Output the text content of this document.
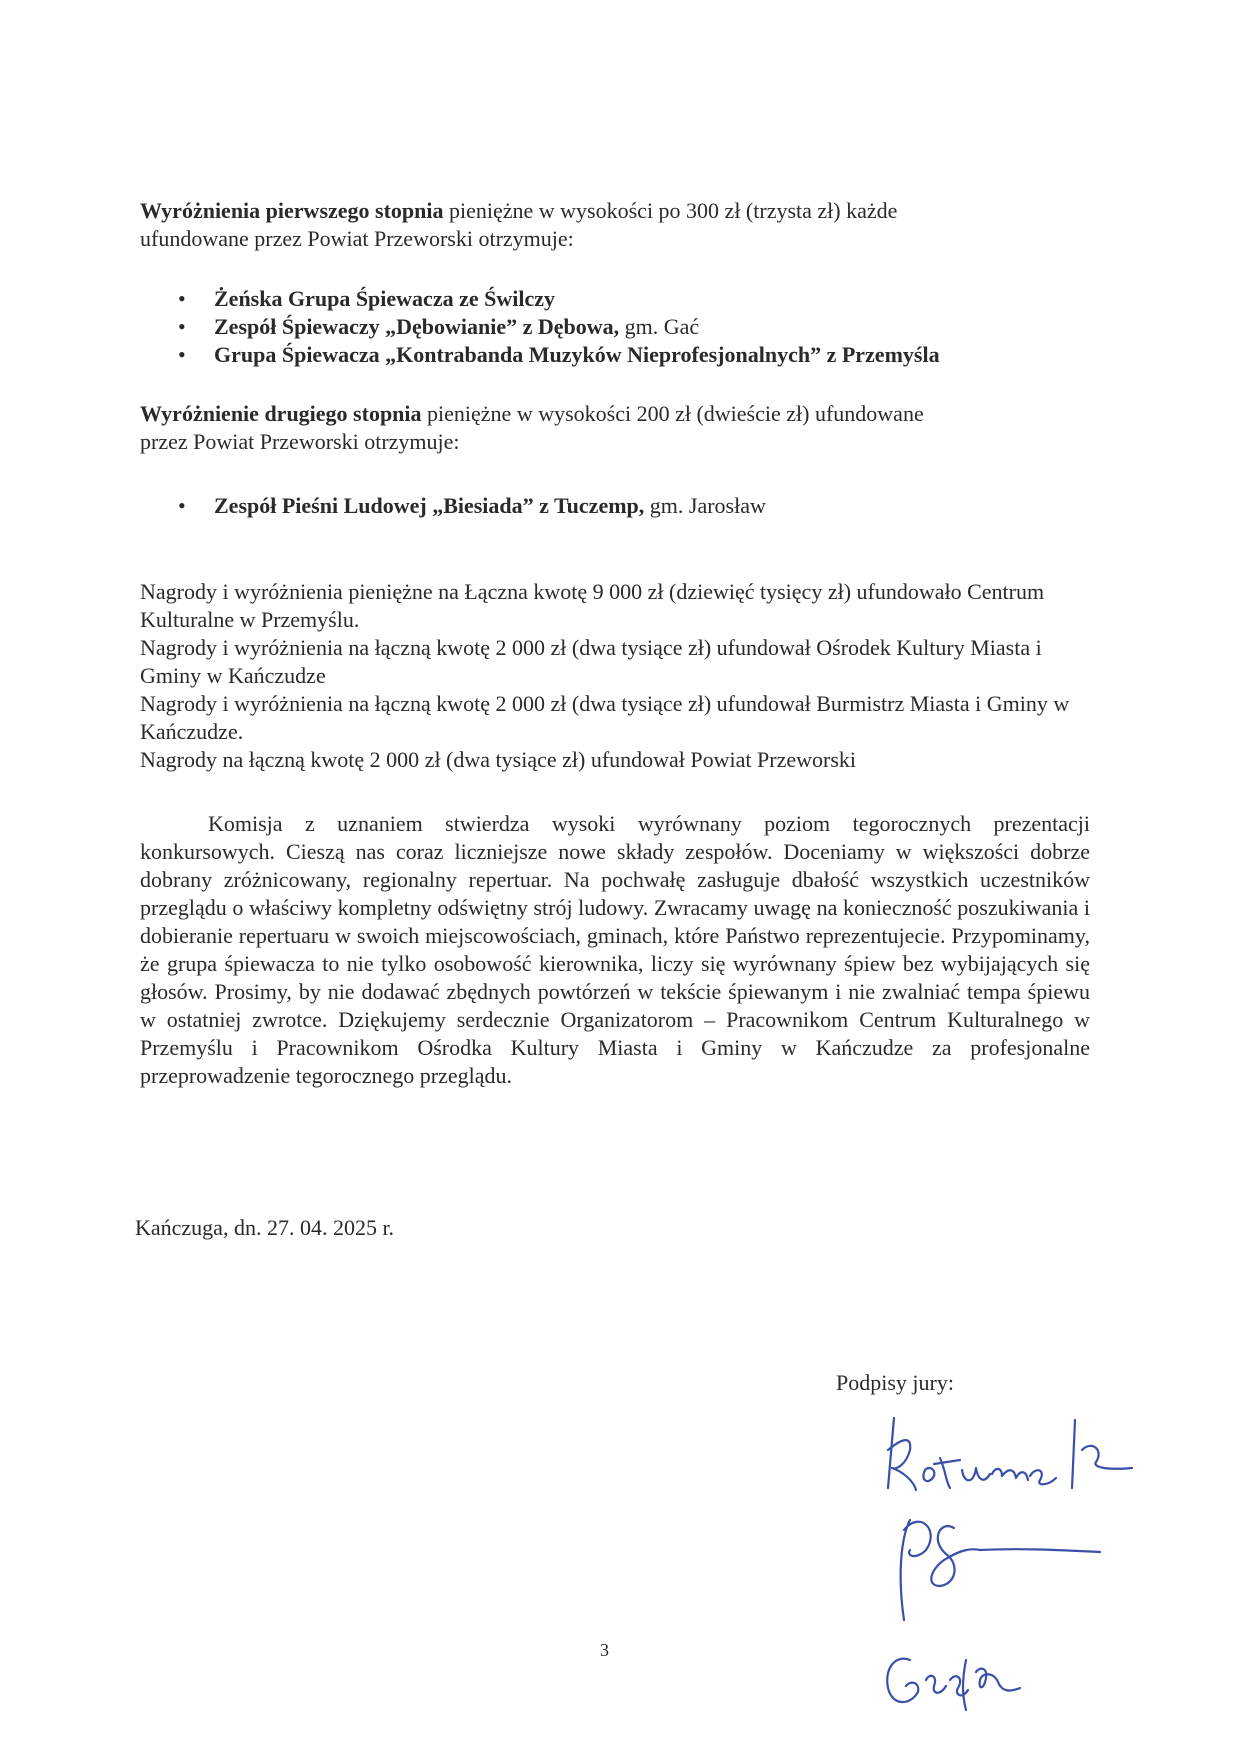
Wyróżnienia pierwszego stopnia pieniężne w wysokości po 300 zł (trzysta zł) każde

ufundowane przez Powiat Przeworski otrzymuje:

• Żeńska Grupa Śpiewacza ze Świlczy
• Zespół Śpiewaczy „Dębowianie” z Dębowa, gm. Gać
• Grupa Śpiewacza „Kontrabanda Muzyków Nieprofesjonalnych” z Przemyśla

Wyróżnienie drugiego stopnia pieniężne w wysokości 200 zł (dwieście zł) ufundowane

przez Powiat Przeworski otrzymuje:

• Zespół Pieśni Ludowej „Biesiada” z Tuczemp, gm. Jarosław

Nagrody i wyróżnienia pieniężne na Łączna kwotę 9 000 zł (dziewięć tysięcy zł) ufundowało Centrum Kulturalne w Przemyślu.

Nagrody i wyróżnienia na łączną kwotę 2 000 zł (dwa tysiące zł) ufundował Ośrodek Kultury Miasta i Gminy w Kańczudze

Nagrody i wyróżnienia na łączną kwotę 2 000 zł (dwa tysiące zł) ufundował Burmistrz Miasta i Gminy w Kańczudze.

Nagrody na łączną kwotę 2 000 zł (dwa tysiące zł) ufundował Powiat Przeworski

Komisja z uznaniem stwierdza wysoki wyrównany poziom tegorocznych prezentacji konkursowych. Cieszą nas coraz liczniejsze nowe składy zespołów. Doceniamy w większości dobrze dobrany zróżnicowany, regionalny repertuar. Na pochwałę zasługuje dbałość wszystkich uczestników przeglądu o właściwy kompletny odświętny strój ludowy. Zwracamy uwagę na konieczność poszukiwania i dobieranie repertuaru w swoich miejscowościach, gminach, które Państwo reprezentujecie. Przypominamy, że grupa śpiewacza to nie tylko osobowość kierownika, liczy się wyrównany śpiew bez wybijających się głosów. Prosimy, by nie dodawać zbędnych powtórzeń w tekście śpiewanym i nie zwalniać tempa śpiewu w ostatniej zwrotce. Dziękujemy serdecznie Organizatorom – Pracownikom Centrum Kulturalnego w Przemyślu i Pracownikom Ośrodka Kultury Miasta i Gminy w Kańczudze za profesjonalne przeprowadzenie tegorocznego przeglądu.

Kańczuga, dn. 27. 04. 2025 r.
Podpisy jury:
3
